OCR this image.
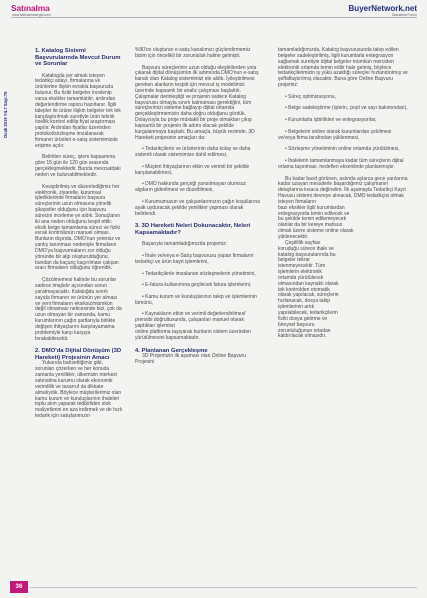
Satınalma
www.satinalmadergisi.com
BuyerNetwork.net
Satınalma Forum
Ocak 2019 YIL7 Sayı:75
1. Katalog Sistemi Başvurularında Mevcut Durum ve Sorunlar

Katalogda yer almak isteyen tedarikçi adayı, firmalarına ve ürünlerine ilişkin evrakla başvuruda bulunur. Bu fiziki belgeler incelenip varsa eksikler tamamlatılır, ardından değerlendirme raporu hazırlanır. İlgili talepler ile ürüne ilişkin belgeler tek tek karşılaştırılmak suretiyle ürün teknik özellik kontrol edilip fiyat araştırması yapılır. Ardından fiyatlar üzerinden protokol/sözleşme imzalanarak firmanın ürünleri e-satış sistemimizde erişime açılır.

Belirtilen süreç, işlem kapsamına göre 15 gün ile 120 gün arasında gerçekleşmektedir. Bunda mevzuattaki neden ve bulunabilmektedir.

Kesişdirilmiş ve düzenlediğimiz her elektronik, ziyaretle, kurumsal işlerliklerinde firmaların başvuru süreçlerinin uzun olmasına yönelik şikayetler olduğunu için başvuru sürecini inceleme ye aldık. Sonuçlanın iki ana neden olduğunu tespit ettik: eksik belge tamamlama süreci ve fiziki evrak kontrolünün manuel olması. Bunların dışında, DMO'nun yetersiz ve yanlış tanınması nedeniyle firmaların DMO'ya başvurmaların zor olduğu yönünde bir algı oluşturulduğunu, bundan da kaçanç kaçırılması çalışan aracı firmaların olduğunu öğrendik.

Çözülmemesi halinde bu sorunlar sadece imajlıdır açısından sorun yaratmayacaktı. Kataloğda sınırlı sayıda firmanın ve ürünün yer alması ve yeni firmaların eksiksiz/mümkün değil olmaması neticesinde bizi, çok da uzun olmayan bir zamanda, kamu kurumlarının çağın şartlarıyla birlikte değişen ihtiyaçlarını karşılayamama problemiyle karşı karşıya bırakabilecekti.

2. DMO'da Dijital Dönüşüm (3D Hareketi) Projesinin Amacı

Yukarıda bahsettiğimiz gibi, sorunları çözerken ve her konuda zamanla yenilikler, ülkemizin merkezi satınalma kurumu olarak ekonomik verimlilik ve tasarruf da dikkate almalıydık. Böylece müşterilerimiz olan kamu kurum ve kuruluşlarının ihaleleri toplu alım yaparak tedbirliden stok maliyetlerini en aza indirmek ve de hızlı tedarik için satışlarımızın

%90'ını oluşturan e-satış kanalımızı güçlendirmemiz bizim için öncelikli bir zorunluluk haline gelmişti.

Başvuru süreçlerinin uzun olduğu eleştirilerden yola çıkarak dijital dönüşümün ilk adımında DMO'nun e-satış kanalı olan Katalog sistemimizi ele aldık. İyileştirilmesi gereken alanların tespiti için mevcut iş modelimizi üzerinde kapsamlı bir analiz çalışması başlattık. Çalışmalar derinleştiği ve projenin sadece Katalog başvurusu olmayla sınırlı kalmaması gerektiğini, tüm süreçlerimizi sisteme bağlayıp dijital ortamda gerçekleştirmemizin daha doğru olduğunu gördük. Dolayısıyla bu proje müstakil bir proje olmaktan çıkıp kapsamlı bir projenin ilk adımı olacak şekilde kurgulanmaya başladı. Bu amaçla, büyük resimde, 3D Hareketi projesinin amaçları da:

• Tedarikçilerin ve ürünlerinin daha kolay ve daha sistemli olarak sistemimize dahil edilmesi,

• Müşteri ihtiyaçlarının etkin ve verimli bir şekilde karşılanabilmesi,

• DMO hakkında gerçeği yansıtmayan olumsuz algıların giderilmesi ve düzeltilmesi,

• Kurumumuzun ve çalışanlarımızın çağın koşullarına ayak uyduracak şekilde yenilikler yapması olarak belirlendi.

3. 3D Hareketi Neleri Dokunacaktır, Neleri Kapsamaktadır?

Başarıyla tamamladığımızda projemiz:

• İhale ve/veya e-Satış başvurusu yapan firmaların tedarikçi ve ürün kayıt işlemlerini,

• Tedarikçilerle imzalanan sözleşmelerin yönetimini,

• E-fatura kullanımına geçilecek fatura işlemlerini,

• Kamu kurum ve kuruluşlarının talep ve işlemlerinin tümünü,

• Kaynakların etkin ve verimli değerlendirilmesi' prensibi doğrultusunda, çalışanları manuel olarak yaptıkları işlemleri

online platforma taşıyarak bunların sistem üzerinden yürütülmesini kapsamaktadır.

4. Planlanan Gerçekleşme

3D Projemizin ilk aşaması olan Online Başvuru Projesini

tamamladığımızda, Katalog başvurusunda talep edilen belgeler sadeleştirilmiş, ilgili kurumlarla entegrasyon sağlamak suretiyle dijital belgeler mümkün merciden elektronik ortamda temin edilir hale gelmiş, böylece tedarikçilerimizin iş yükü azaldığı süreçler hızlandırılmış ve şeffaflaştırılmış olacaktır. Buna göre Online Başvuru projemiz:

• Süreç optimizasyonu,

• Belge sadeleştirme (işlerin, çeşit ve sayı bakımından),

• Kurumlarla işbirlikleri ve entegrasyonlar,

• Belgelerin online olarak kurumlardan çekilmesi ve/veya firma tarafından yüklenmesi,

• Sözleşme yönetiminin online ortamda yürütülmesi,

• İhalelerin tamamlanmaya kadar tüm süreçlerin dijital ortama taşınması, hedefleri eksenlinde planlanmıştır.

Bu kadar basit görünen, aslında aylarca gece yarılarına kadar uzayan mesailerle başardığımız çalışmanın detaylarına kısaca değinelim. İlk aşamayla Tedarikçi Kayıt Havuzu sistemi devreye alınacak, DMO tedarikçisi olmak isteyen firmaların

bazı eksikler ilgili kurumlardan entegrasyonla temin edilecek ve bu şekilde temin edilemeyecek olanlar da bir kereye mahsus olmak üzere sisteme online olarak yüklenecektir.

Çeşitlilik sayfası koruduğu sürece ihale ve katalog başvurularında bu belgeler tekrar istenmeyecektir. Tüm işlemlerin elektronik ortamda yürütülecek olmasından kaynaklı olarak tek kontrolden otomatik olarak yapılacak, süreçlerin hızlanacak, dosya takip işlemlerinin artık yapılabilecek, tedarikçilerin fiziki dosya getirme ve bireysel başvuru zorunluluğunun ortadan kaldırılacak olmasıdır.

36
